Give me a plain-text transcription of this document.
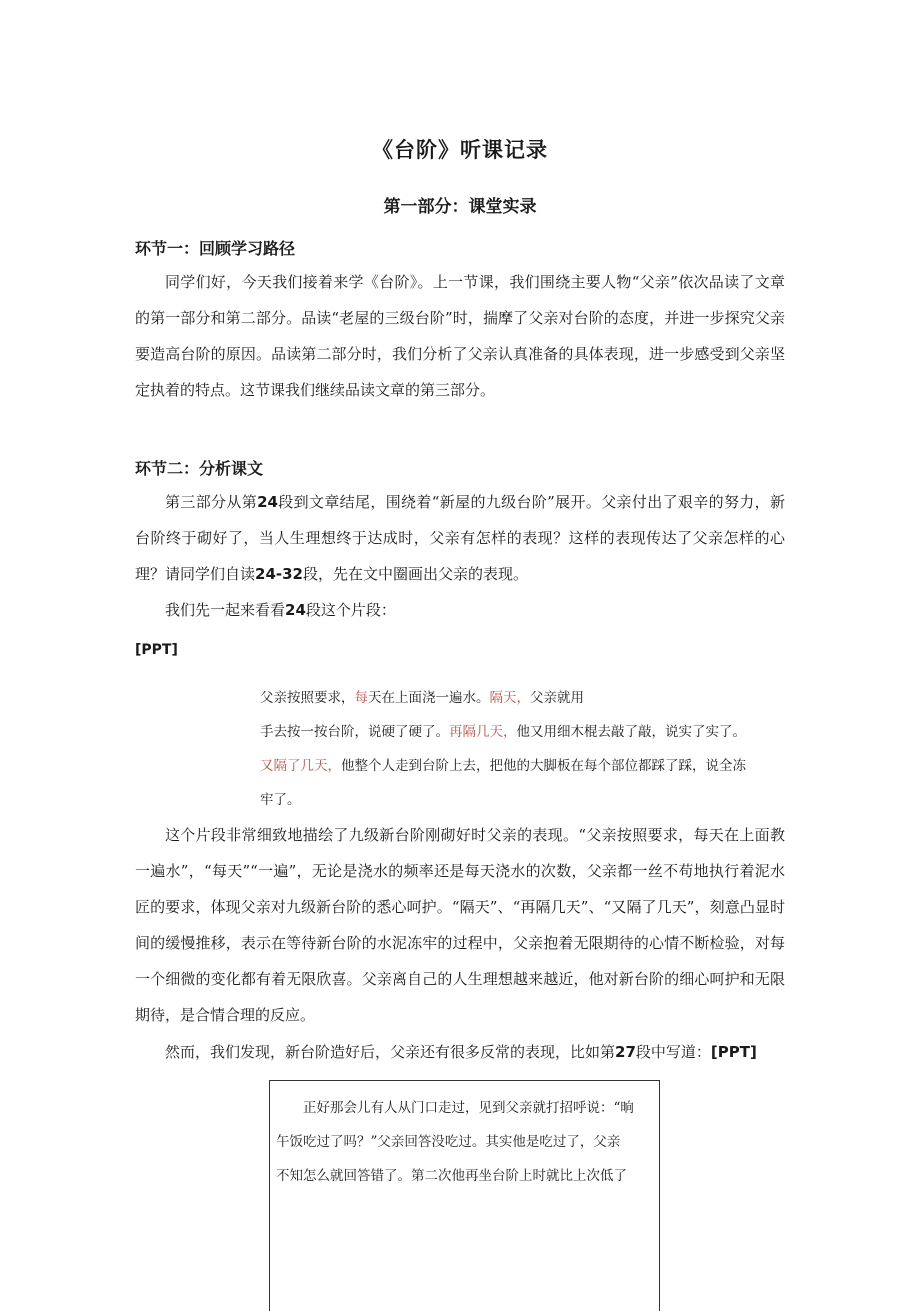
《台阶》听课记录
第一部分：课堂实录
环节一：回顾学习路径

同学们好，今天我们接着来学《台阶》。上一节课，我们围绕主要人物“父亲”依次品读了文章的第一部分和第二部分。品读“老屋的三级台阶”时，揣摩了父亲对台阶的态度，并进一步探究父亲要造高台阶的原因。品读第二部分时，我们分析了父亲认真准备的具体表现，进一步感受到父亲坚定执着的特点。这节课我们继续品读文章的第三部分。

环节二：分析课文

第三部分从第24段到文章结尾，围绕着“新屋的九级台阶”展开。父亲付出了艰辛的努力，新台阶终于砌好了，当人生理想终于达成时，父亲有怎样的表现？这样的表现传达了父亲怎样的心理？请同学们自读24-32段，先在文中圈画出父亲的表现。

我们先一起来看看24段这个片段：

[PPT]
父亲按照要求，每天在上面浇一遍水。隔天，父亲就用
手去按一按台阶，说硬了硬了。再隔几天，他又用细木棍去敲了敲，说实了实了。
又隔了几天，他整个人走到台阶上去，把他的大脚板在每个部位都踩了踩，说全冻
牢了。

这个片段非常细致地描绘了九级新台阶刚砌好时父亲的表现。“父亲按照要求，每天在上面教一遍水”，“每天”“一遍”，无论是浇水的频率还是每天浇水的次数，父亲都一丝不苟地执行着泥水匠的要求，体现父亲对九级新台阶的悉心呵护。“隔天”、“再隔几天”、“又隔了几天”，刻意凸显时间的缓慢推移，表示在等待新台阶的水泥冻牢的过程中，父亲抱着无限期待的心情不断检验，对每一个细微的变化都有着无限欣喜。父亲离自己的人生理想越来越近，他对新台阶的细心呵护和无限期待，是合情合理的反应。

然而，我们发现，新台阶造好后，父亲还有很多反常的表现，比如第27段中写道：[PPT]

正好那会儿有人从门口走过，见到父亲就打招呼说：“晌
午饭吃过了吗？”父亲回答没吃过。其实他是吃过了，父亲
不知怎么就回答错了。第二次他再坐台阶上时就比上次低了
